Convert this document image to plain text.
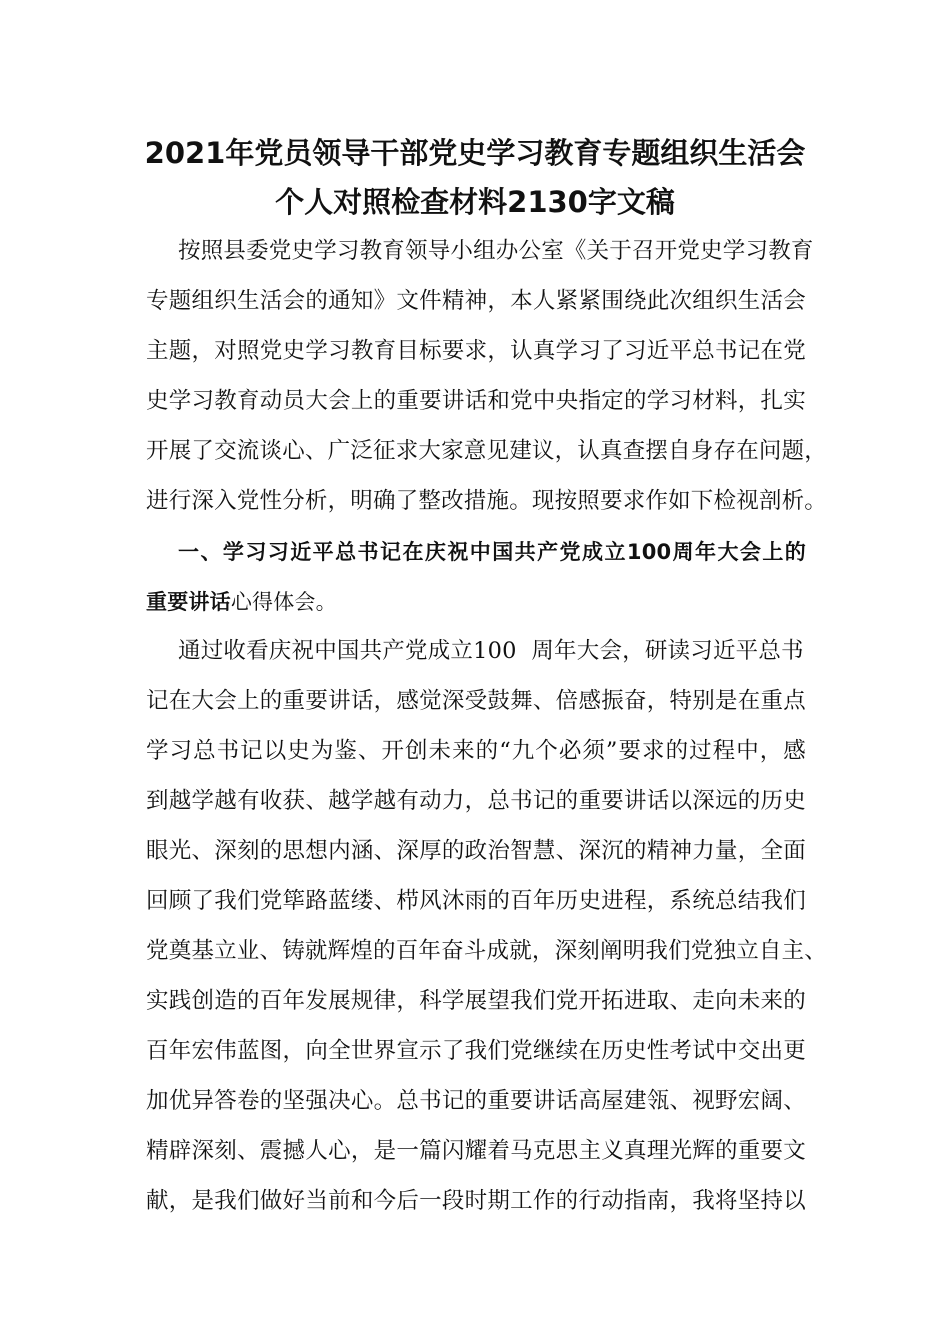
2021年党员领导干部党史学习教育专题组织生活会
个人对照检查材料2130字文稿

按照县委党史学习教育领导小组办公室《关于召开党史学习教育

专题组织生活会的通知》文件精神，本人紧紧围绕此次组织生活会

主题，对照党史学习教育目标要求，认真学习了习近平总书记在党

史学习教育动员大会上的重要讲话和党中央指定的学习材料，扎实

开展了交流谈心、广泛征求大家意见建议，认真查摆自身存在问题，

进行深入党性分析，明确了整改措施。现按照要求作如下检视剖析。

一、学习习近平总书记在庆祝中国共产党成立100周年大会上的

重要讲话心得体会。

通过收看庆祝中国共产党成立100  周年大会，研读习近平总书

记在大会上的重要讲话，感觉深受鼓舞、倍感振奋，特别是在重点

学习总书记以史为鉴、开创未来的“九个必须”要求的过程中，感

到越学越有收获、越学越有动力，总书记的重要讲话以深远的历史

眼光、深刻的思想内涵、深厚的政治智慧、深沉的精神力量，全面

回顾了我们党筚路蓝缕、栉风沐雨的百年历史进程，系统总结我们

党奠基立业、铸就辉煌的百年奋斗成就，深刻阐明我们党独立自主、

实践创造的百年发展规律，科学展望我们党开拓进取、走向未来的

百年宏伟蓝图，向全世界宣示了我们党继续在历史性考试中交出更

加优异答卷的坚强决心。总书记的重要讲话高屋建瓴、视野宏阔、

精辟深刻、震撼人心，是一篇闪耀着马克思主义真理光辉的重要文

献，是我们做好当前和今后一段时期工作的行动指南，我将坚持以
